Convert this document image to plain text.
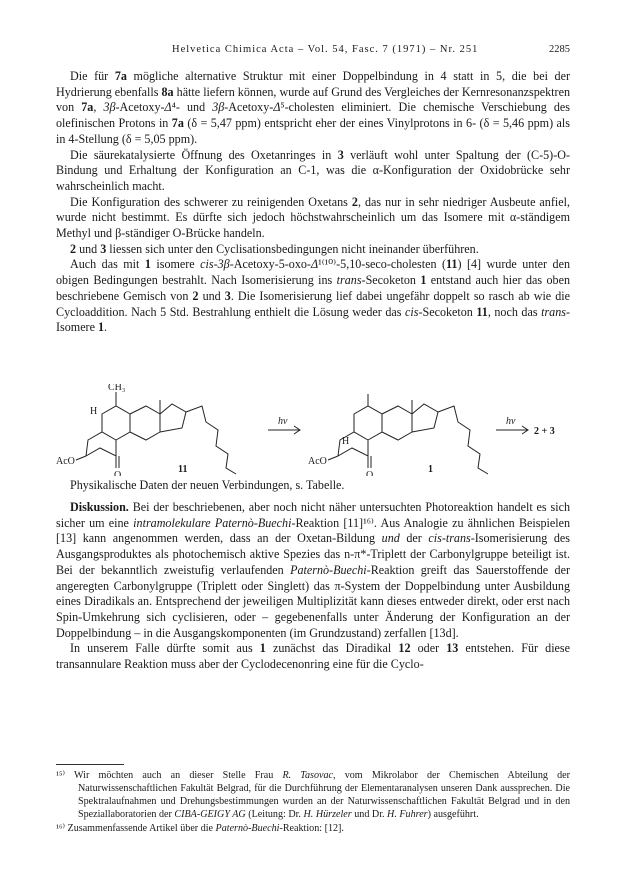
Helvetica Chimica Acta – Vol. 54, Fasc. 7 (1971) – Nr. 251	2285

Die für 7a mögliche alternative Struktur mit einer Doppelbindung in 4 statt in 5, die bei der Hydrierung ebenfalls 8a hätte liefern können, wurde auf Grund des Vergleiches der Kernresonanzspektren von 7a, 3β-Acetoxy-Δ⁴- und 3β-Acetoxy-Δ⁵-cholesten eliminiert. Die chemische Verschiebung des olefinischen Protons in 7a (δ = 5,47 ppm) entspricht eher der eines Vinylprotons in 6- (δ = 5,46 ppm) als in 4-Stellung (δ = 5,05 ppm).

Die säurekatalysierte Öffnung des Oxetanringes in 3 verläuft wohl unter Spaltung der (C-5)-O-Bindung und Erhaltung der Konfiguration an C-1, was die α-Konfiguration der Oxidobrücke sehr wahrscheinlich macht.

Die Konfiguration des schwerer zu reinigenden Oxetans 2, das nur in sehr niedriger Ausbeute anfiel, wurde nicht bestimmt. Es dürfte sich jedoch höchstwahrscheinlich um das Isomere mit α-ständigem Methyl und β-ständiger O-Brücke handeln.

2 und 3 liessen sich unter den Cyclisationsbedingungen nicht ineinander überführen.

Auch das mit 1 isomere cis-3β-Acetoxy-5-oxo-Δ¹⁽¹⁰⁾-5,10-seco-cholesten (11) [4] wurde unter den obigen Bedingungen bestrahlt. Nach Isomerisierung ins trans-Secoketon 1 entstand auch hier das oben beschriebene Gemisch von 2 und 3. Die Isomerisierung lief dabei ungefähr doppelt so rasch ab wie die Cycloaddition. Nach 5 Std. Bestrahlung enthielt die Lösung weder das cis-Secoketon 11, noch das trans-Isomere 1.

CH₃
H
AcO
O
11
hν
H
AcO
O
1
hν
2 + 3
Physikalische Daten der neuen Verbindungen, s. Tabelle.

Diskussion. Bei der beschriebenen, aber noch nicht näher untersuchten Photoreaktion handelt es sich sicher um eine intramolekulare Paternò-Buechi-Reaktion [11]¹⁶⁾. Aus Analogie zu ähnlichen Beispielen [13] kann angenommen werden, dass an der Oxetan-Bildung und der cis-trans-Isomerisierung des Ausgangsproduktes als photochemisch aktive Spezies das n-π*-Triplett der Carbonylgruppe beteiligt ist. Bei der bekanntlich zweistufig verlaufenden Paternò-Buechi-Reaktion greift das Sauerstoffende der angeregten Carbonylgruppe (Triplett oder Singlett) das π-System der Doppelbindung unter Ausbildung eines Diradikals an. Entsprechend der jeweiligen Multiplizität kann dieses entweder direkt, oder erst nach Spin-Umkehrung sich cyclisieren, oder – gegebenenfalls unter Änderung der Konfiguration an der Doppelbindung – in die Ausgangskomponenten (im Grundzustand) zerfallen [13d].

In unserem Falle dürfte somit aus 1 zunächst das Diradikal 12 oder 13 entstehen. Für diese transannulare Reaktion muss aber der Cyclodecenonring eine für die Cyclo-

¹⁵⁾ Wir möchten auch an dieser Stelle Frau R. Tasovac, vom Mikrolabor der Chemischen Abteilung der Naturwissenschaftlichen Fakultät Belgrad, für die Durchführung der Elementaranalysen unseren Dank aussprechen. Die Spektralaufnahmen und Drehungsbestimmungen wurden an der Naturwissenschaftlichen Fakultät Belgrad und in den Speziallaboratorien der CIBA-GEIGY AG (Leitung: Dr. H. Hürzeler und Dr. H. Fuhrer) ausgeführt.

¹⁶⁾ Zusammenfassende Artikel über die Paternò-Buechi-Reaktion: [12].
